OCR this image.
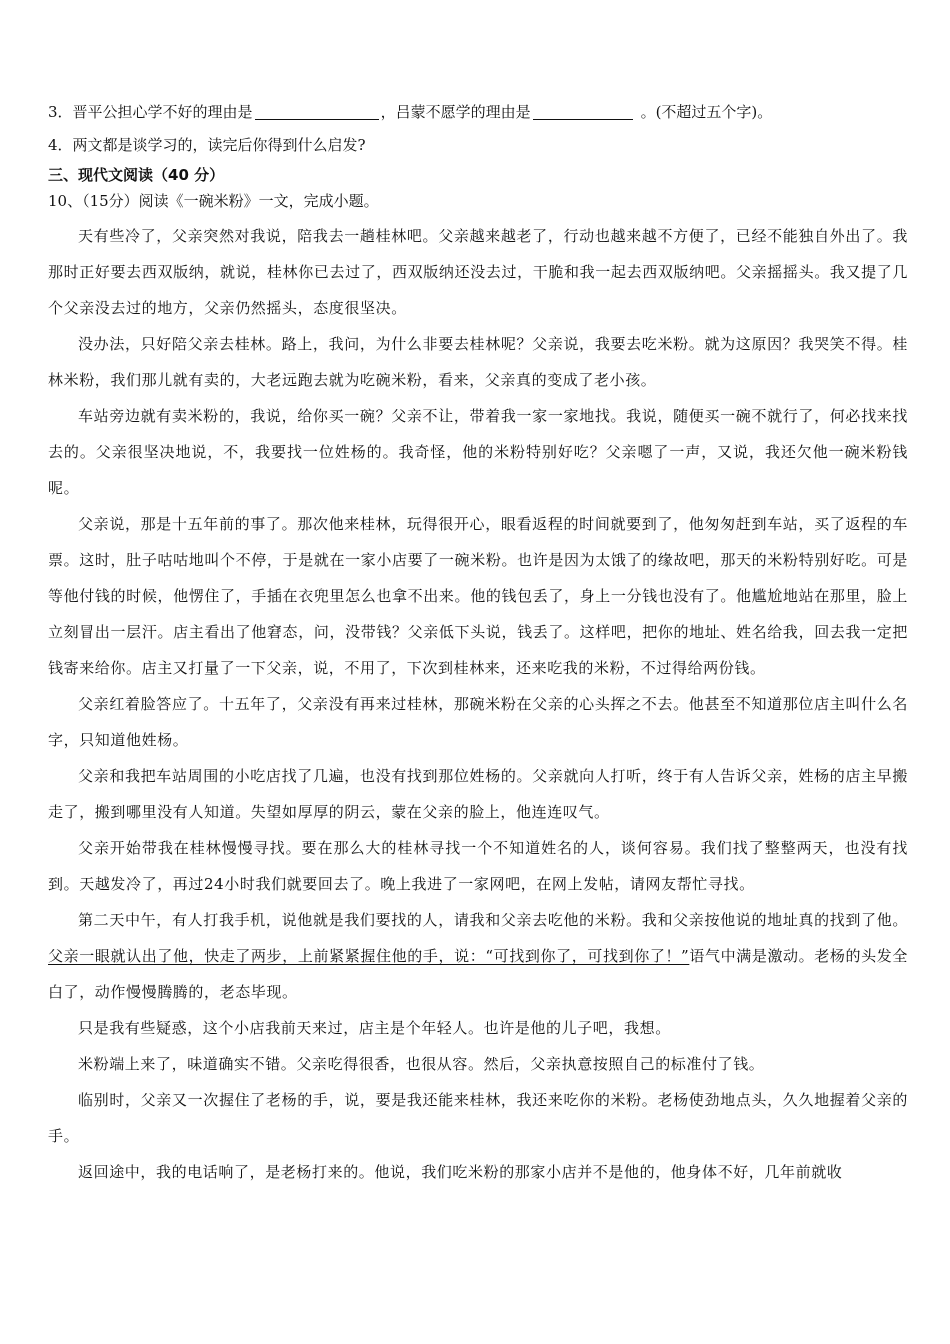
3．晋平公担心学不好的理由是	，吕蒙不愿学的理由是	。(不超过五个字)。

4．两文都是谈学习的，读完后你得到什么启发?

三、现代文阅读（40 分）

10、（15分）阅读《一碗米粉》一文，完成小题。

天有些冷了，父亲突然对我说，陪我去一趟桂林吧。父亲越来越老了，行动也越来越不方便了，已经不能独自外出了。我那时正好要去西双版纳，就说，桂林你已去过了，西双版纳还没去过，干脆和我一起去西双版纳吧。父亲摇摇头。我又提了几个父亲没去过的地方，父亲仍然摇头，态度很坚决。

没办法，只好陪父亲去桂林。路上，我问，为什么非要去桂林呢？父亲说，我要去吃米粉。就为这原因？我哭笑不得。桂林米粉，我们那儿就有卖的，大老远跑去就为吃碗米粉，看来，父亲真的变成了老小孩。

车站旁边就有卖米粉的，我说，给你买一碗？父亲不让，带着我一家一家地找。我说，随便买一碗不就行了，何必找来找去的。父亲很坚决地说，不，我要找一位姓杨的。我奇怪，他的米粉特别好吃？父亲嗯了一声，又说，我还欠他一碗米粉钱呢。

父亲说，那是十五年前的事了。那次他来桂林，玩得很开心，眼看返程的时间就要到了，他匆匆赶到车站，买了返程的车票。这时，肚子咕咕地叫个不停，于是就在一家小店要了一碗米粉。也许是因为太饿了的缘故吧，那天的米粉特别好吃。可是等他付钱的时候，他愣住了，手插在衣兜里怎么也拿不出来。他的钱包丢了，身上一分钱也没有了。他尴尬地站在那里，脸上立刻冒出一层汗。店主看出了他窘态，问，没带钱？父亲低下头说，钱丢了。这样吧，把你的地址、姓名给我，回去我一定把钱寄来给你。店主又打量了一下父亲，说，不用了，下次到桂林来，还来吃我的米粉，不过得给两份钱。

父亲红着脸答应了。十五年了，父亲没有再来过桂林，那碗米粉在父亲的心头挥之不去。他甚至不知道那位店主叫什么名字，只知道他姓杨。

父亲和我把车站周围的小吃店找了几遍，也没有找到那位姓杨的。父亲就向人打听，终于有人告诉父亲，姓杨的店主早搬走了，搬到哪里没有人知道。失望如厚厚的阴云，蒙在父亲的脸上，他连连叹气。

父亲开始带我在桂林慢慢寻找。要在那么大的桂林寻找一个不知道姓名的人，谈何容易。我们找了整整两天，也没有找到。天越发冷了，再过24小时我们就要回去了。晚上我进了一家网吧，在网上发帖，请网友帮忙寻找。

第二天中午，有人打我手机，说他就是我们要找的人，请我和父亲去吃他的米粉。我和父亲按他说的地址真的找到了他。父亲一眼就认出了他，快走了两步，上前紧紧握住他的手，说：“可找到你了，可找到你了！”语气中满是激动。老杨的头发全白了，动作慢慢腾腾的，老态毕现。

只是我有些疑惑，这个小店我前天来过，店主是个年轻人。也许是他的儿子吧，我想。

米粉端上来了，味道确实不错。父亲吃得很香，也很从容。然后，父亲执意按照自己的标准付了钱。

临别时，父亲又一次握住了老杨的手，说，要是我还能来桂林，我还来吃你的米粉。老杨使劲地点头，久久地握着父亲的手。

返回途中，我的电话响了，是老杨打来的。他说，我们吃米粉的那家小店并不是他的，他身体不好，几年前就收
